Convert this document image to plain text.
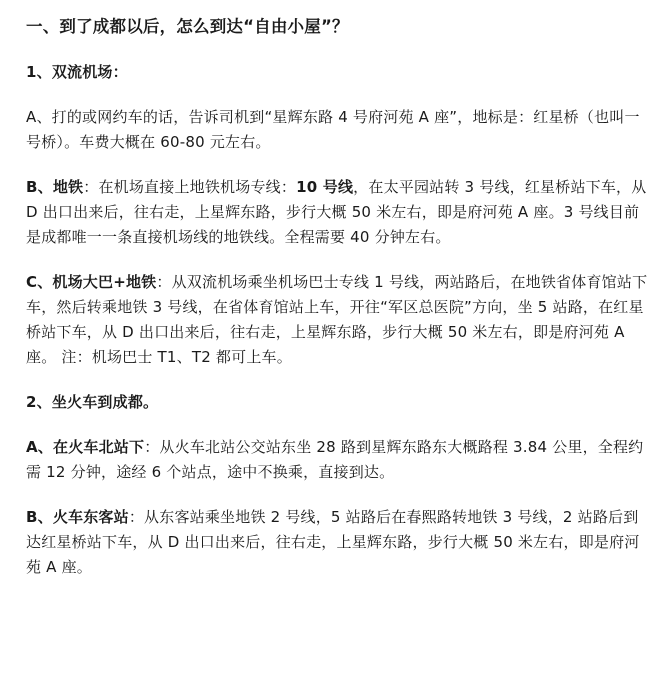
一、到了成都以后，怎么到达“自由小屋”？

1、双流机场：

A、打的或网约车的话，告诉司机到“星辉东路 4 号府河苑 A 座”，地标是：红星桥（也叫一号桥）。车费大概在 60-80 元左右。

B、地铁：在机场直接上地铁机场专线：10 号线，在太平园站转 3 号线，红星桥站下车，从 D 出口出来后，往右走，上星辉东路，步行大概 50 米左右，即是府河苑 A 座。3 号线目前是成都唯一一条直接机场线的地铁线。全程需要 40 分钟左右。

C、机场大巴+地铁：从双流机场乘坐机场巴士专线 1 号线，两站路后，在地铁省体育馆站下车，然后转乘地铁 3 号线，在省体育馆站上车，开往“军区总医院”方向，坐 5 站路，在红星桥站下车，从 D 出口出来后，往右走，上星辉东路，步行大概 50 米左右，即是府河苑 A 座。 注：机场巴士 T1、T2 都可上车。

2、坐火车到成都。

A、在火车北站下：从火车北站公交站东坐 28 路到星辉东路东大概路程 3.84 公里，全程约需 12 分钟，途经 6 个站点，途中不换乘，直接到达。

B、火车东客站：从东客站乘坐地铁 2 号线，5 站路后在春熙路转地铁 3 号线，2 站路后到达红星桥站下车，从 D 出口出来后，往右走，上星辉东路，步行大概 50 米左右，即是府河苑 A 座。
